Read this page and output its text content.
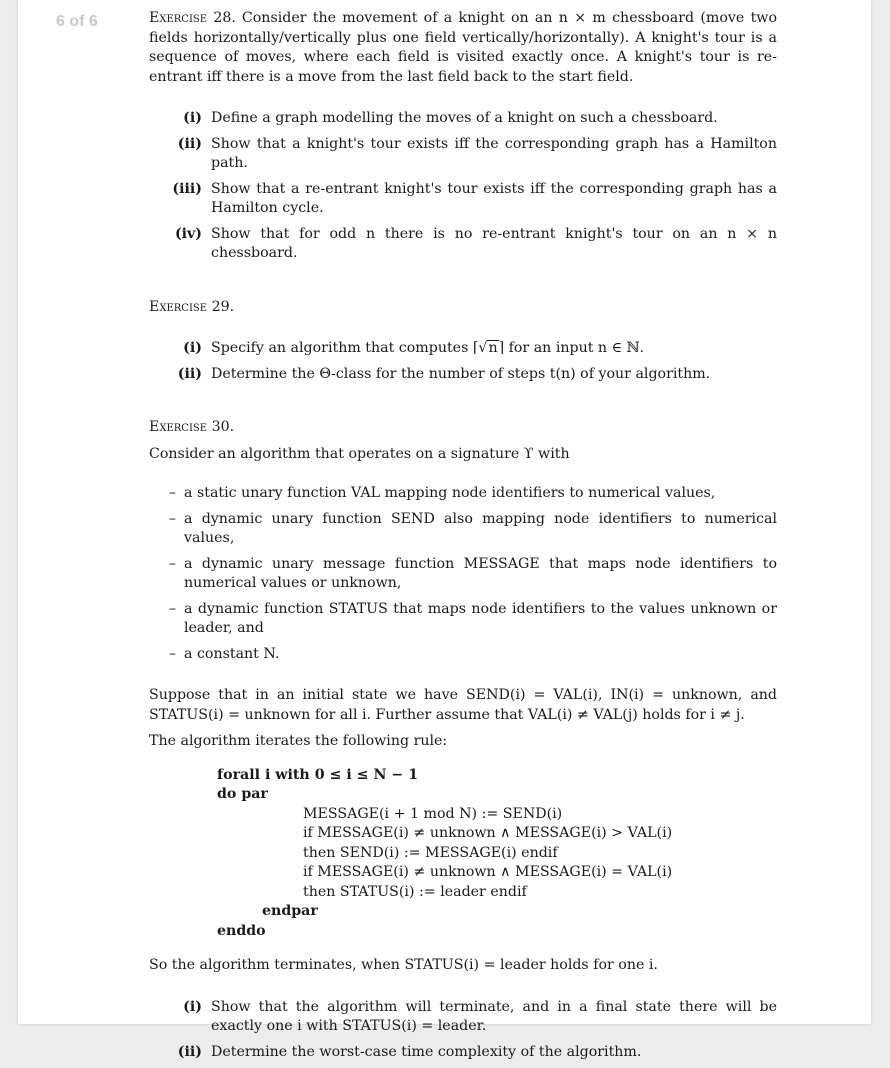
6 of 6	Exercise 28. Consider the movement of a knight on an n × m chessboard (move two fields horizontally/vertically plus one field vertically/horizontally). A knight's tour is a sequence of moves, where each field is visited exactly once. A knight's tour is re-entrant iff there is a move from the last field back to the start field.

(i) Define a graph modelling the moves of a knight on such a chessboard.
(ii) Show that a knight's tour exists iff the corresponding graph has a Hamilton path.
(iii) Show that a re-entrant knight's tour exists iff the corresponding graph has a Hamilton cycle.
(iv) Show that for odd n there is no re-entrant knight's tour on an n × n chessboard.

Exercise 29.

(i) Specify an algorithm that computes ⌈√n⌉ for an input n ∈ ℕ.
(ii) Determine the Θ-class for the number of steps t(n) of your algorithm.

Exercise 30.

Consider an algorithm that operates on a signature ϒ with

– a static unary function VAL mapping node identifiers to numerical values,
– a dynamic unary function SEND also mapping node identifiers to numerical values,
– a dynamic unary message function MESSAGE that maps node identifiers to numerical values or unknown,
– a dynamic function STATUS that maps node identifiers to the values unknown or leader, and
– a constant N.

Suppose that in an initial state we have SEND(i) = VAL(i), IN(i) = unknown, and STATUS(i) = unknown for all i. Further assume that VAL(i) ≠ VAL(j) holds for i ≠ j.

The algorithm iterates the following rule:

forall i with 0 ≤ i ≤ N − 1
do par
MESSAGE(i + 1 mod N) := SEND(i)
if MESSAGE(i) ≠ unknown ∧ MESSAGE(i) > VAL(i)
then SEND(i) := MESSAGE(i) endif
if MESSAGE(i) ≠ unknown ∧ MESSAGE(i) = VAL(i)
then STATUS(i) := leader endif
endpar
enddo

So the algorithm terminates, when STATUS(i) = leader holds for one i.

(i) Show that the algorithm will terminate, and in a final state there will be exactly one i with STATUS(i) = leader.
(ii) Determine the worst-case time complexity of the algorithm.
